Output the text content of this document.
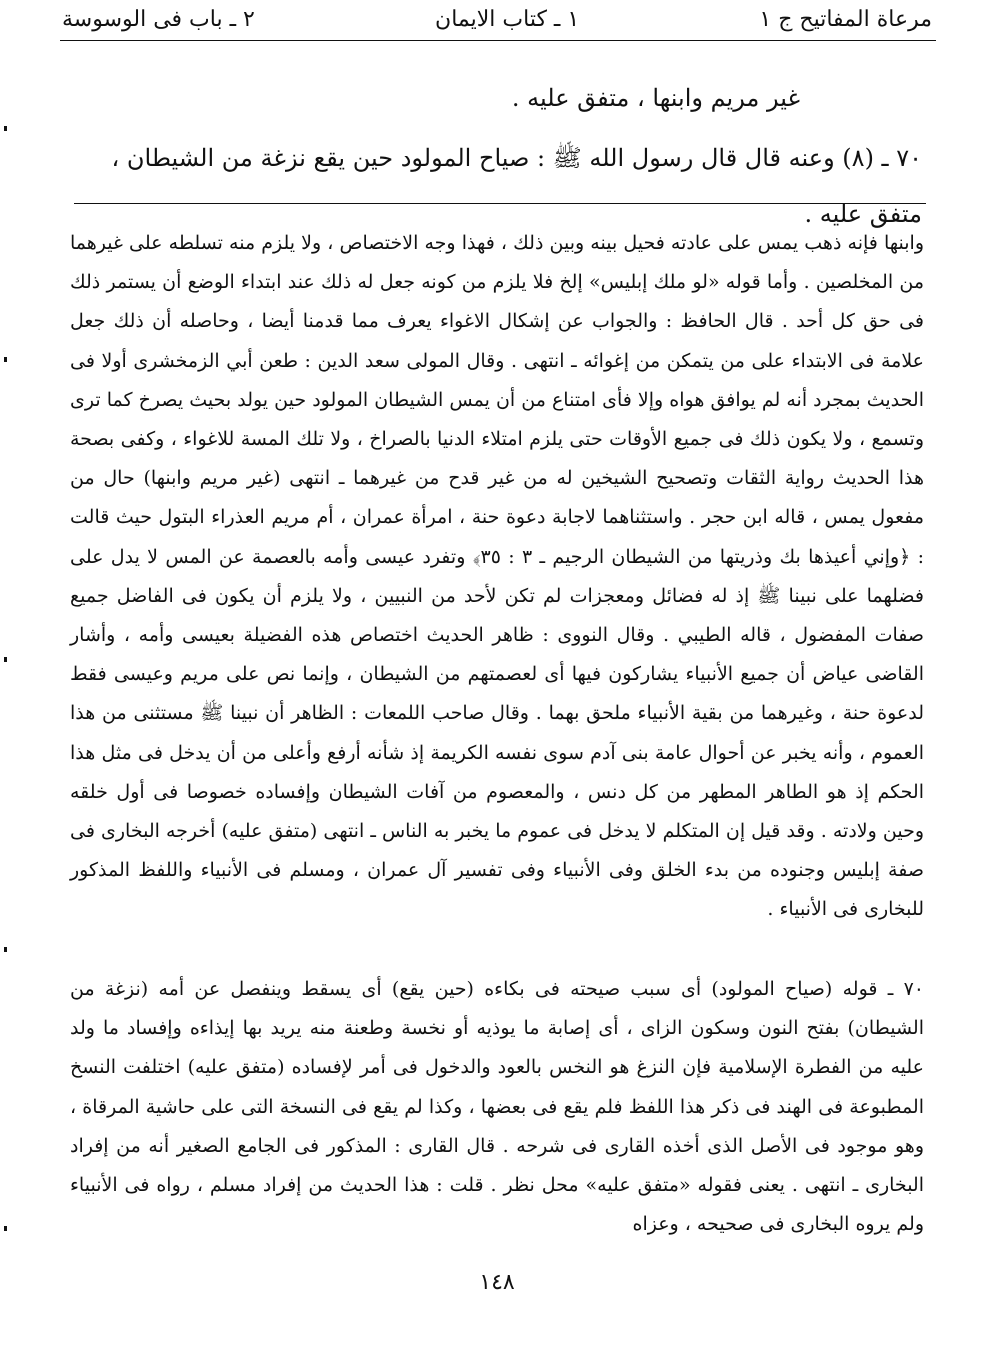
مرعاة المفاتيح ج ١
١ ـ كتاب الايمان
٢ ـ باب فى الوسوسة
غير مريم وابنها ، متفق عليه .
٧٠ ـ (٨) وعنه قال قال رسول الله ﷺ : صياح المولود حين يقع نزغة من الشيطان ، متفق عليه .
وابنها فإنه ذهب يمس على عادته فحيل بينه وبين ذلك ، فهذا وجه الاختصاص ، ولا يلزم منه تسلطه على غيرهما من المخلصين . وأما قوله «لو ملك إبليس» إلخ فلا يلزم من كونه جعل له ذلك عند ابتداء الوضع أن يستمر ذلك فى حق كل أحد . قال الحافظ : والجواب عن إشكال الاغواء يعرف مما قدمنا أيضا ، وحاصله أن ذلك جعل علامة فى الابتداء على من يتمكن من إغوائه ـ انتهى . وقال المولى سعد الدين : طعن أبي الزمخشرى أولا فى الحديث بمجرد أنه لم يوافق هواه وإلا فأى امتناع من أن يمس الشيطان المولود حين يولد بحيث يصرخ كما ترى وتسمع ، ولا يكون ذلك فى جميع الأوقات حتى يلزم امتلاء الدنيا بالصراخ ، ولا تلك المسة للاغواء ، وكفى بصحة هذا الحديث رواية الثقات وتصحيح الشيخين له من غير قدح من غيرهما ـ انتهى (غير مريم وابنها) حال من مفعول يمس ، قاله ابن حجر . واستثناهما لاجابة دعوة حنة ، امرأة عمران ، أم مريم العذراء البتول حيث قالت : ﴿وإني أعيذها بك وذريتها من الشيطان الرجيم ـ ٣ : ٣٥﴾ وتفرد عيسى وأمه بالعصمة عن المس لا يدل على فضلهما على نبينا ﷺ إذ له فضائل ومعجزات لم تكن لأحد من النبيين ، ولا يلزم أن يكون فى الفاضل جميع صفات المفضول ، قاله الطيبي . وقال النووى : ظاهر الحديث اختصاص هذه الفضيلة بعيسى وأمه ، وأشار القاضى عياض أن جميع الأنبياء يشاركون فيها أى لعصمتهم من الشيطان ، وإنما نص على مريم وعيسى فقط لدعوة حنة ، وغيرهما من بقية الأنبياء ملحق بهما . وقال صاحب اللمعات : الظاهر أن نبينا ﷺ مستثنى من هذا العموم ، وأنه يخبر عن أحوال عامة بنى آدم سوى نفسه الكريمة إذ شأنه أرفع وأعلى من أن يدخل فى مثل هذا الحكم إذ هو الطاهر المطهر من كل دنس ، والمعصوم من آفات الشيطان وإفساده خصوصا فى أول خلقه وحين ولادته . وقد قيل إن المتكلم لا يدخل فى عموم ما يخبر به الناس ـ انتهى (متفق عليه) أخرجه البخارى فى صفة إبليس وجنوده من بدء الخلق وفى الأنبياء وفى تفسير آل عمران ، ومسلم فى الأنبياء واللفظ المذكور للبخارى فى الأنبياء .
٧٠ ـ قوله (صياح المولود) أى سبب صيحته فى بكاءه (حين يقع) أى يسقط وينفصل عن أمه (نزغة من الشيطان) بفتح النون وسكون الزاى ، أى إصابة ما يوذيه أو نخسة وطعنة منه يريد بها إيذاءه وإفساد ما ولد عليه من الفطرة الإسلامية فإن النزغ هو النخس بالعود والدخول فى أمر لإفساده (متفق عليه) اختلفت النسخ المطبوعة فى الهند فى ذكر هذا اللفظ فلم يقع فى بعضها ، وكذا لم يقع فى النسخة التى على حاشية المرقاة ، وهو موجود فى الأصل الذى أخذه القارى فى شرحه . قال القارى : المذكور فى الجامع الصغير أنه من إفراد البخارى ـ انتهى . يعنى فقوله «متفق عليه» محل نظر . قلت : هذا الحديث من إفراد مسلم ، رواه فى الأنبياء ولم يروه البخارى فى صحيحه ، وعزاه
١٤٨
